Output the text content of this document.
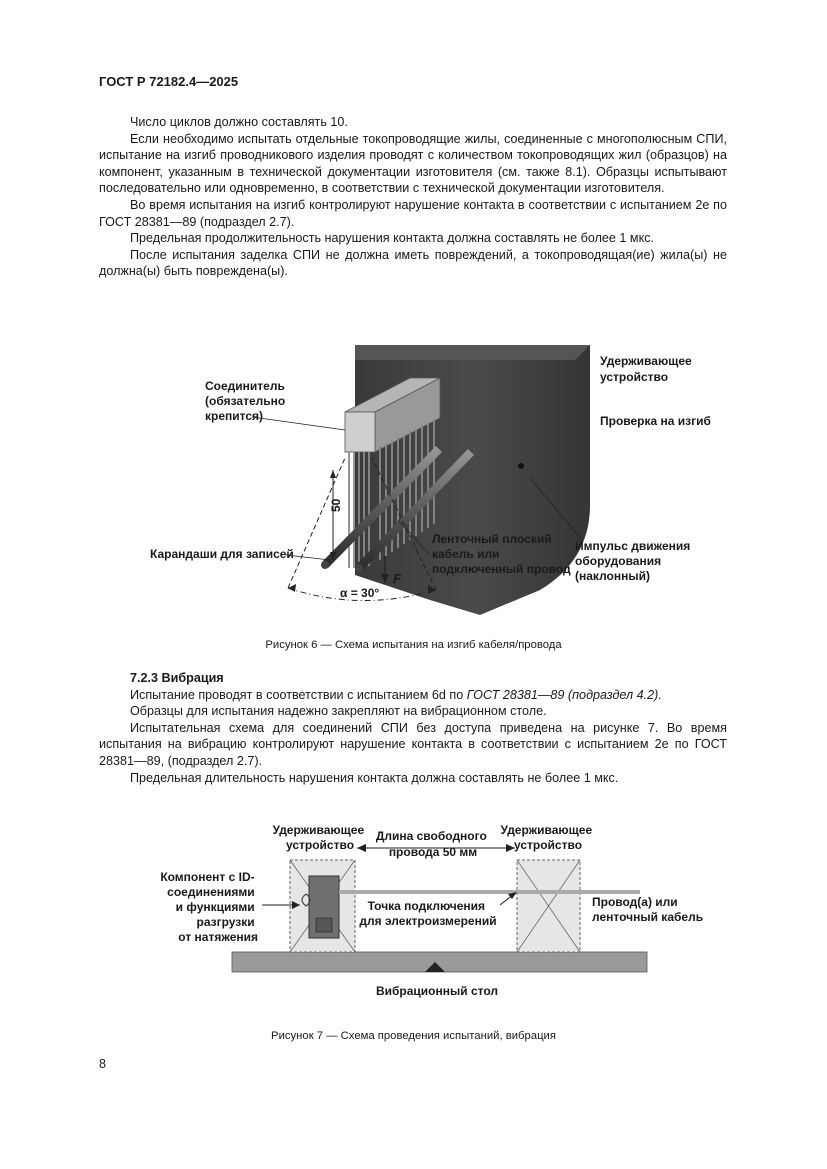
ГОСТ Р 72182.4—2025

Число циклов должно составлять 10.

Если необходимо испытать отдельные токопроводящие жилы, соединенные с многополюсным СПИ, испытание на изгиб проводникового изделия проводят с количеством токопроводящих жил (образцов) на компонент, указанным в технической документации изготовителя (см. также 8.1). Образцы испытывают последовательно или одновременно, в соответствии с технической документации изготовителя.

Во время испытания на изгиб контролируют нарушение контакта в соответствии с испытанием 2е по ГОСТ 28381—89 (подраздел 2.7).

Предельная продолжительность нарушения контакта должна составлять не более 1 мкс.

После испытания заделка СПИ не должна иметь повреждений, а токопроводящая(ие) жила(ы) не должна(ы) быть повреждена(ы).

50
F
α = 30°
Соединитель (обязательно крепится)
Удерживающее устройство
Проверка на изгиб
Карандаши для записей
Ленточный плоский кабель или подключенный провод
Импульс движения оборудования (наклонный)
Рисунок 6 — Схема испытания на изгиб кабеля/провода

7.2.3 Вибрация

Испытание проводят в соответствии с испытанием 6d по ГОСТ 28381—89 (подраздел 4.2).

Образцы для испытания надежно закрепляют на вибрационном столе.

Испытательная схема для соединений СПИ без доступа приведена на рисунке 7. Во время испытания на вибрацию контролируют нарушение контакта в соответствии с испытанием 2е по ГОСТ 28381—89, (подраздел 2.7).

Предельная длительность нарушения контакта должна составлять не более 1 мкс.

Удерживающее устройство
Длина свободного провода 50 мм
Удерживающее устройство
Компонент с ID- соединениями и функциями разгрузки от натяжения
Точка подключения для электроизмерений
Провод(а) или ленточный кабель
Вибрационный стол
Рисунок 7 — Схема проведения испытаний, вибрация
8
